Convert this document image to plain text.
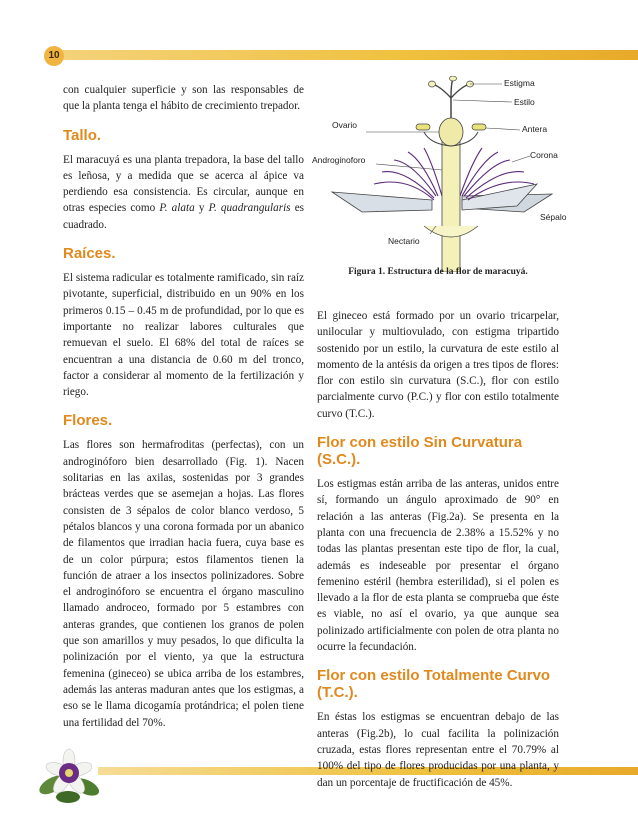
10

con cualquier superficie y son las responsables de que la planta tenga el hábito de crecimiento trepador.

Tallo.

El maracuyá es una planta trepadora, la base del tallo es leñosa, y a medida que se acerca al ápice va perdiendo esa consistencia. Es circular, aunque en otras especies como P. alata y P. quadrangularis es cuadrado.

Raíces.

El sistema radicular es totalmente ramificado, sin raíz pivotante, superficial, distribuido en un 90% en los primeros 0.15 – 0.45 m de profundidad, por lo que es importante no realizar labores culturales que remuevan el suelo. El 68% del total de raíces se encuentran a una distancia de 0.60 m del tronco, factor a considerar al momento de la fertilización y riego.

Flores.

Las flores son hermafroditas (perfectas), con un androginóforo bien desarrollado (Fig. 1). Nacen solitarias en las axilas, sostenidas por 3 grandes brácteas verdes que se asemejan a hojas. Las flores consisten de 3 sépalos de color blanco verdoso, 5 pétalos blancos y una corona formada por un abanico de filamentos que irradian hacia fuera, cuya base es de un color púrpura; estos filamentos tienen la función de atraer a los insectos polinizadores. Sobre el androginóforo se encuentra el órgano masculino llamado androceo, formado por 5 estambres con anteras grandes, que contienen los granos de polen que son amarillos y muy pesados, lo que dificulta la polinización por el viento, ya que la estructura femenina (gineceo) se ubica arriba de los estambres, además las anteras maduran antes que los estigmas, a eso se le llama dicogamía protándrica; el polen tiene una fertilidad del 70%.

Estigma
Estilo
Ovario	Antera
Androginoforo	Corona
Sépalo
Nectario
Figura 1. Estructura de la flor de maracuyá.

El gineceo está formado por un ovario tricarpelar, unilocular y multiovulado, con estigma tripartido sostenido por un estilo, la curvatura de este estilo al momento de la antésis da origen a tres tipos de flores: flor con estilo sin curvatura (S.C.), flor con estilo parcialmente curvo (P.C.) y flor con estilo totalmente curvo (T.C.).

Flor con estilo Sin Curvatura
(S.C.).

Los estigmas están arriba de las anteras, unidos entre sí, formando un ángulo aproximado de 90° en relación a las anteras (Fig.2a). Se presenta en la planta con una frecuencia de 2.38% a 15.52% y no todas las plantas presentan este tipo de flor, la cual, además es indeseable por presentar el órgano femenino estéril (hembra esterilidad), si el polen es llevado a la flor de esta planta se comprueba que éste es viable, no así el ovario, ya que aunque sea polinizado artificialmente con polen de otra planta no ocurre la fecundación.

Flor con estilo Totalmente Curvo
(T.C.).

En éstas los estigmas se encuentran debajo de las anteras (Fig.2b), lo cual facilita la polinización cruzada, estas flores representan entre el 70.79% al 100% del tipo de flores producidas por una planta, y dan un porcentaje de fructificación de 45%.
